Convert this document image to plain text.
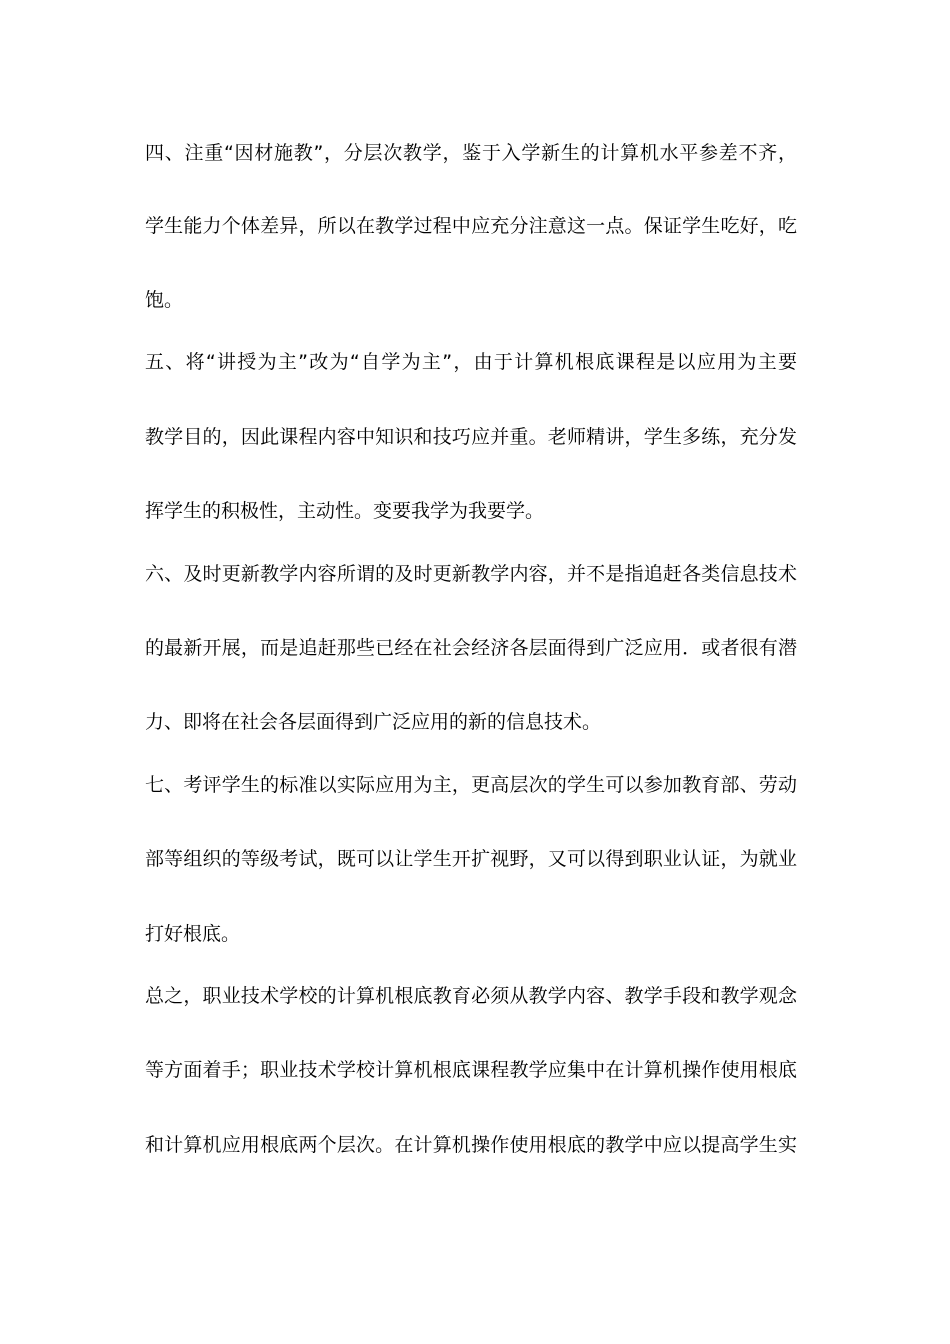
四、注重“因材施教”，分层次教学，鉴于入学新生的计算机水平参差不齐，
学生能力个体差异，所以在教学过程中应充分注意这一点。保证学生吃好，吃
饱。
五、将“讲授为主”改为“自学为主”，由于计算机根底课程是以应用为主要
教学目的，因此课程内容中知识和技巧应并重。老师精讲，学生多练，充分发
挥学生的积极性，主动性。变要我学为我要学。
六、及时更新教学内容所谓的及时更新教学内容，并不是指追赶各类信息技术
的最新开展，而是追赶那些已经在社会经济各层面得到广泛应用．或者很有潜
力、即将在社会各层面得到广泛应用的新的信息技术。
七、考评学生的标准以实际应用为主，更高层次的学生可以参加教育部、劳动
部等组织的等级考试，既可以让学生开扩视野，又可以得到职业认证，为就业
打好根底。
总之，职业技术学校的计算机根底教育必须从教学内容、教学手段和教学观念
等方面着手；职业技术学校计算机根底课程教学应集中在计算机操作使用根底
和计算机应用根底两个层次。在计算机操作使用根底的教学中应以提高学生实
